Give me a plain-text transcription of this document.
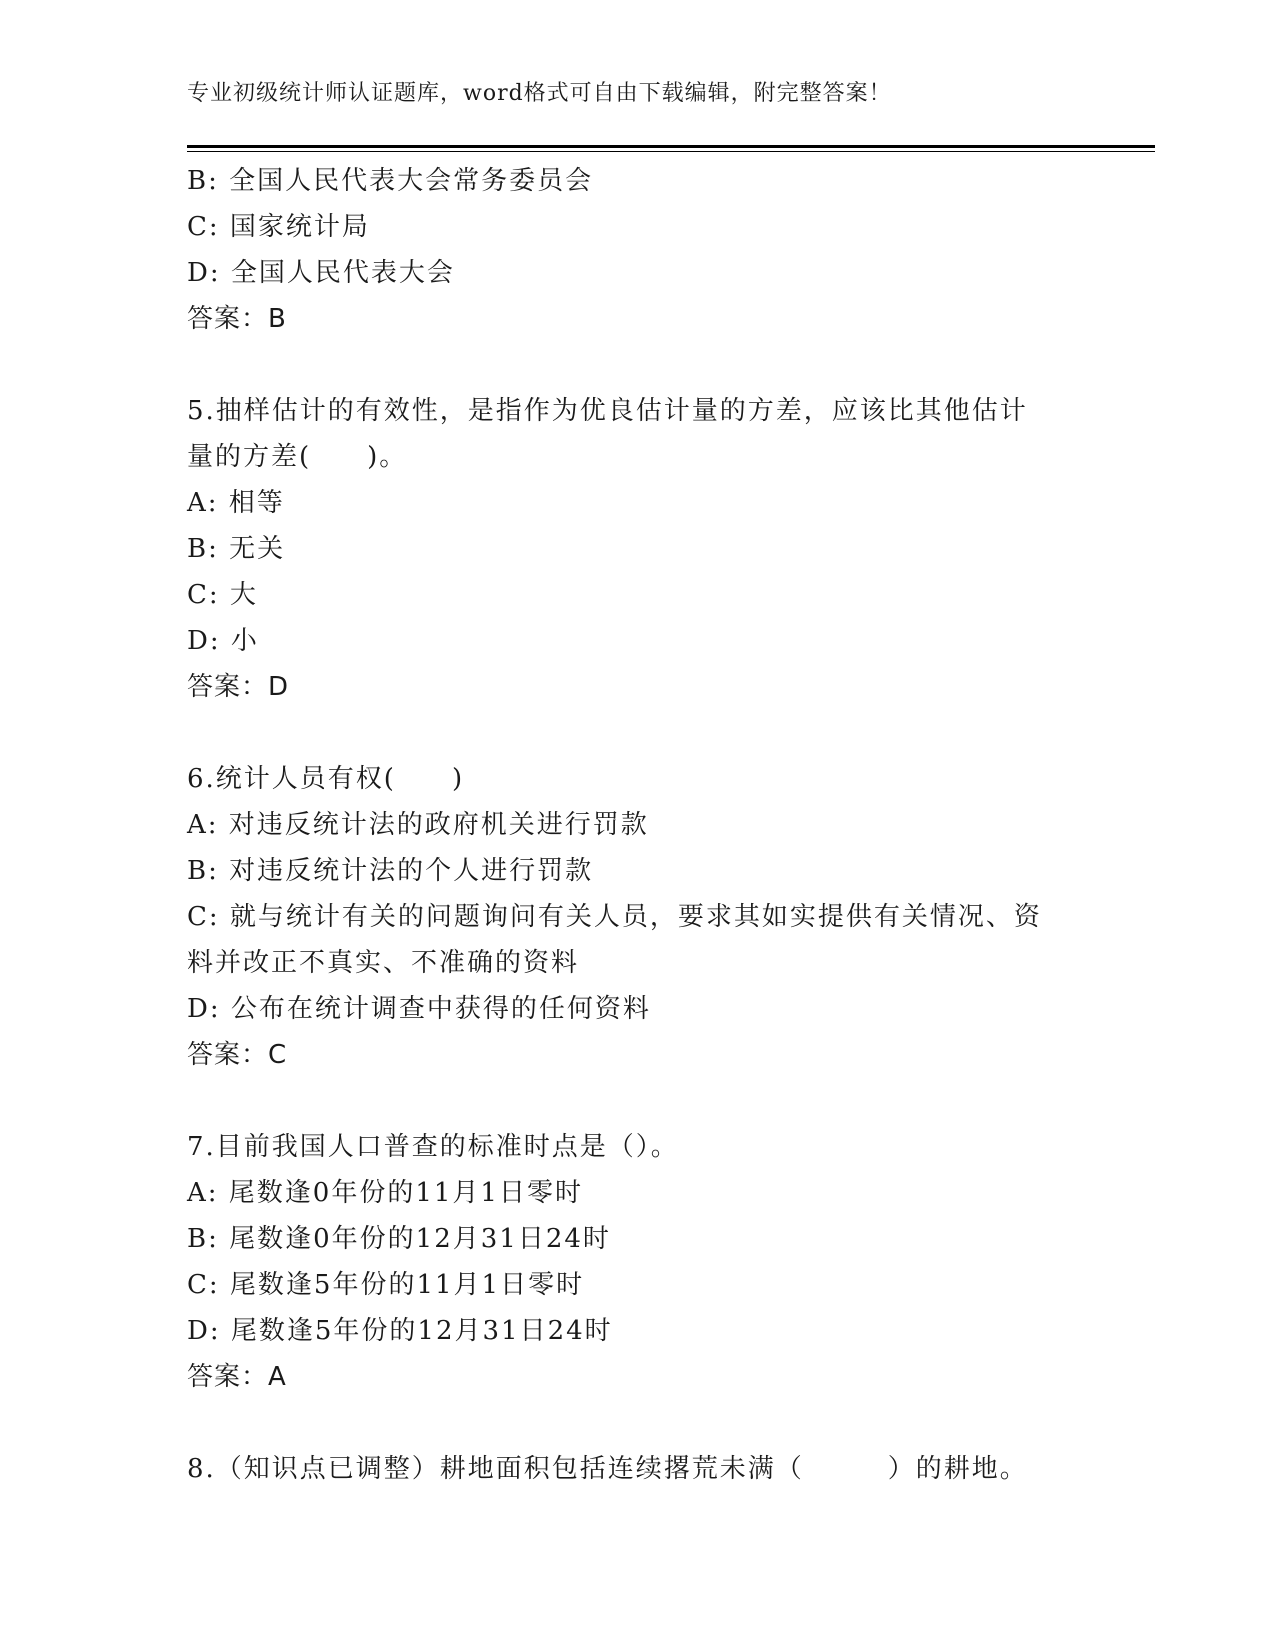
专业初级统计师认证题库，word格式可自由下载编辑，附完整答案！
B: 全国人民代表大会常务委员会
C: 国家统计局
D: 全国人民代表大会
答案：B
5.抽样估计的有效性，是指作为优良估计量的方差，应该比其他估计
量的方差(　　)。
A: 相等
B: 无关
C: 大
D: 小
答案：D
6.统计人员有权(　　)
A: 对违反统计法的政府机关进行罚款
B: 对违反统计法的个人进行罚款
C: 就与统计有关的问题询问有关人员，要求其如实提供有关情况、资
料并改正不真实、不准确的资料
D: 公布在统计调查中获得的任何资料
答案：C
7.目前我国人口普查的标准时点是（）。
A: 尾数逢0年份的11月1日零时
B: 尾数逢0年份的12月31日24时
C: 尾数逢5年份的11月1日零时
D: 尾数逢5年份的12月31日24时
答案：A
8.（知识点已调整）耕地面积包括连续撂荒未满（　　　）的耕地。
